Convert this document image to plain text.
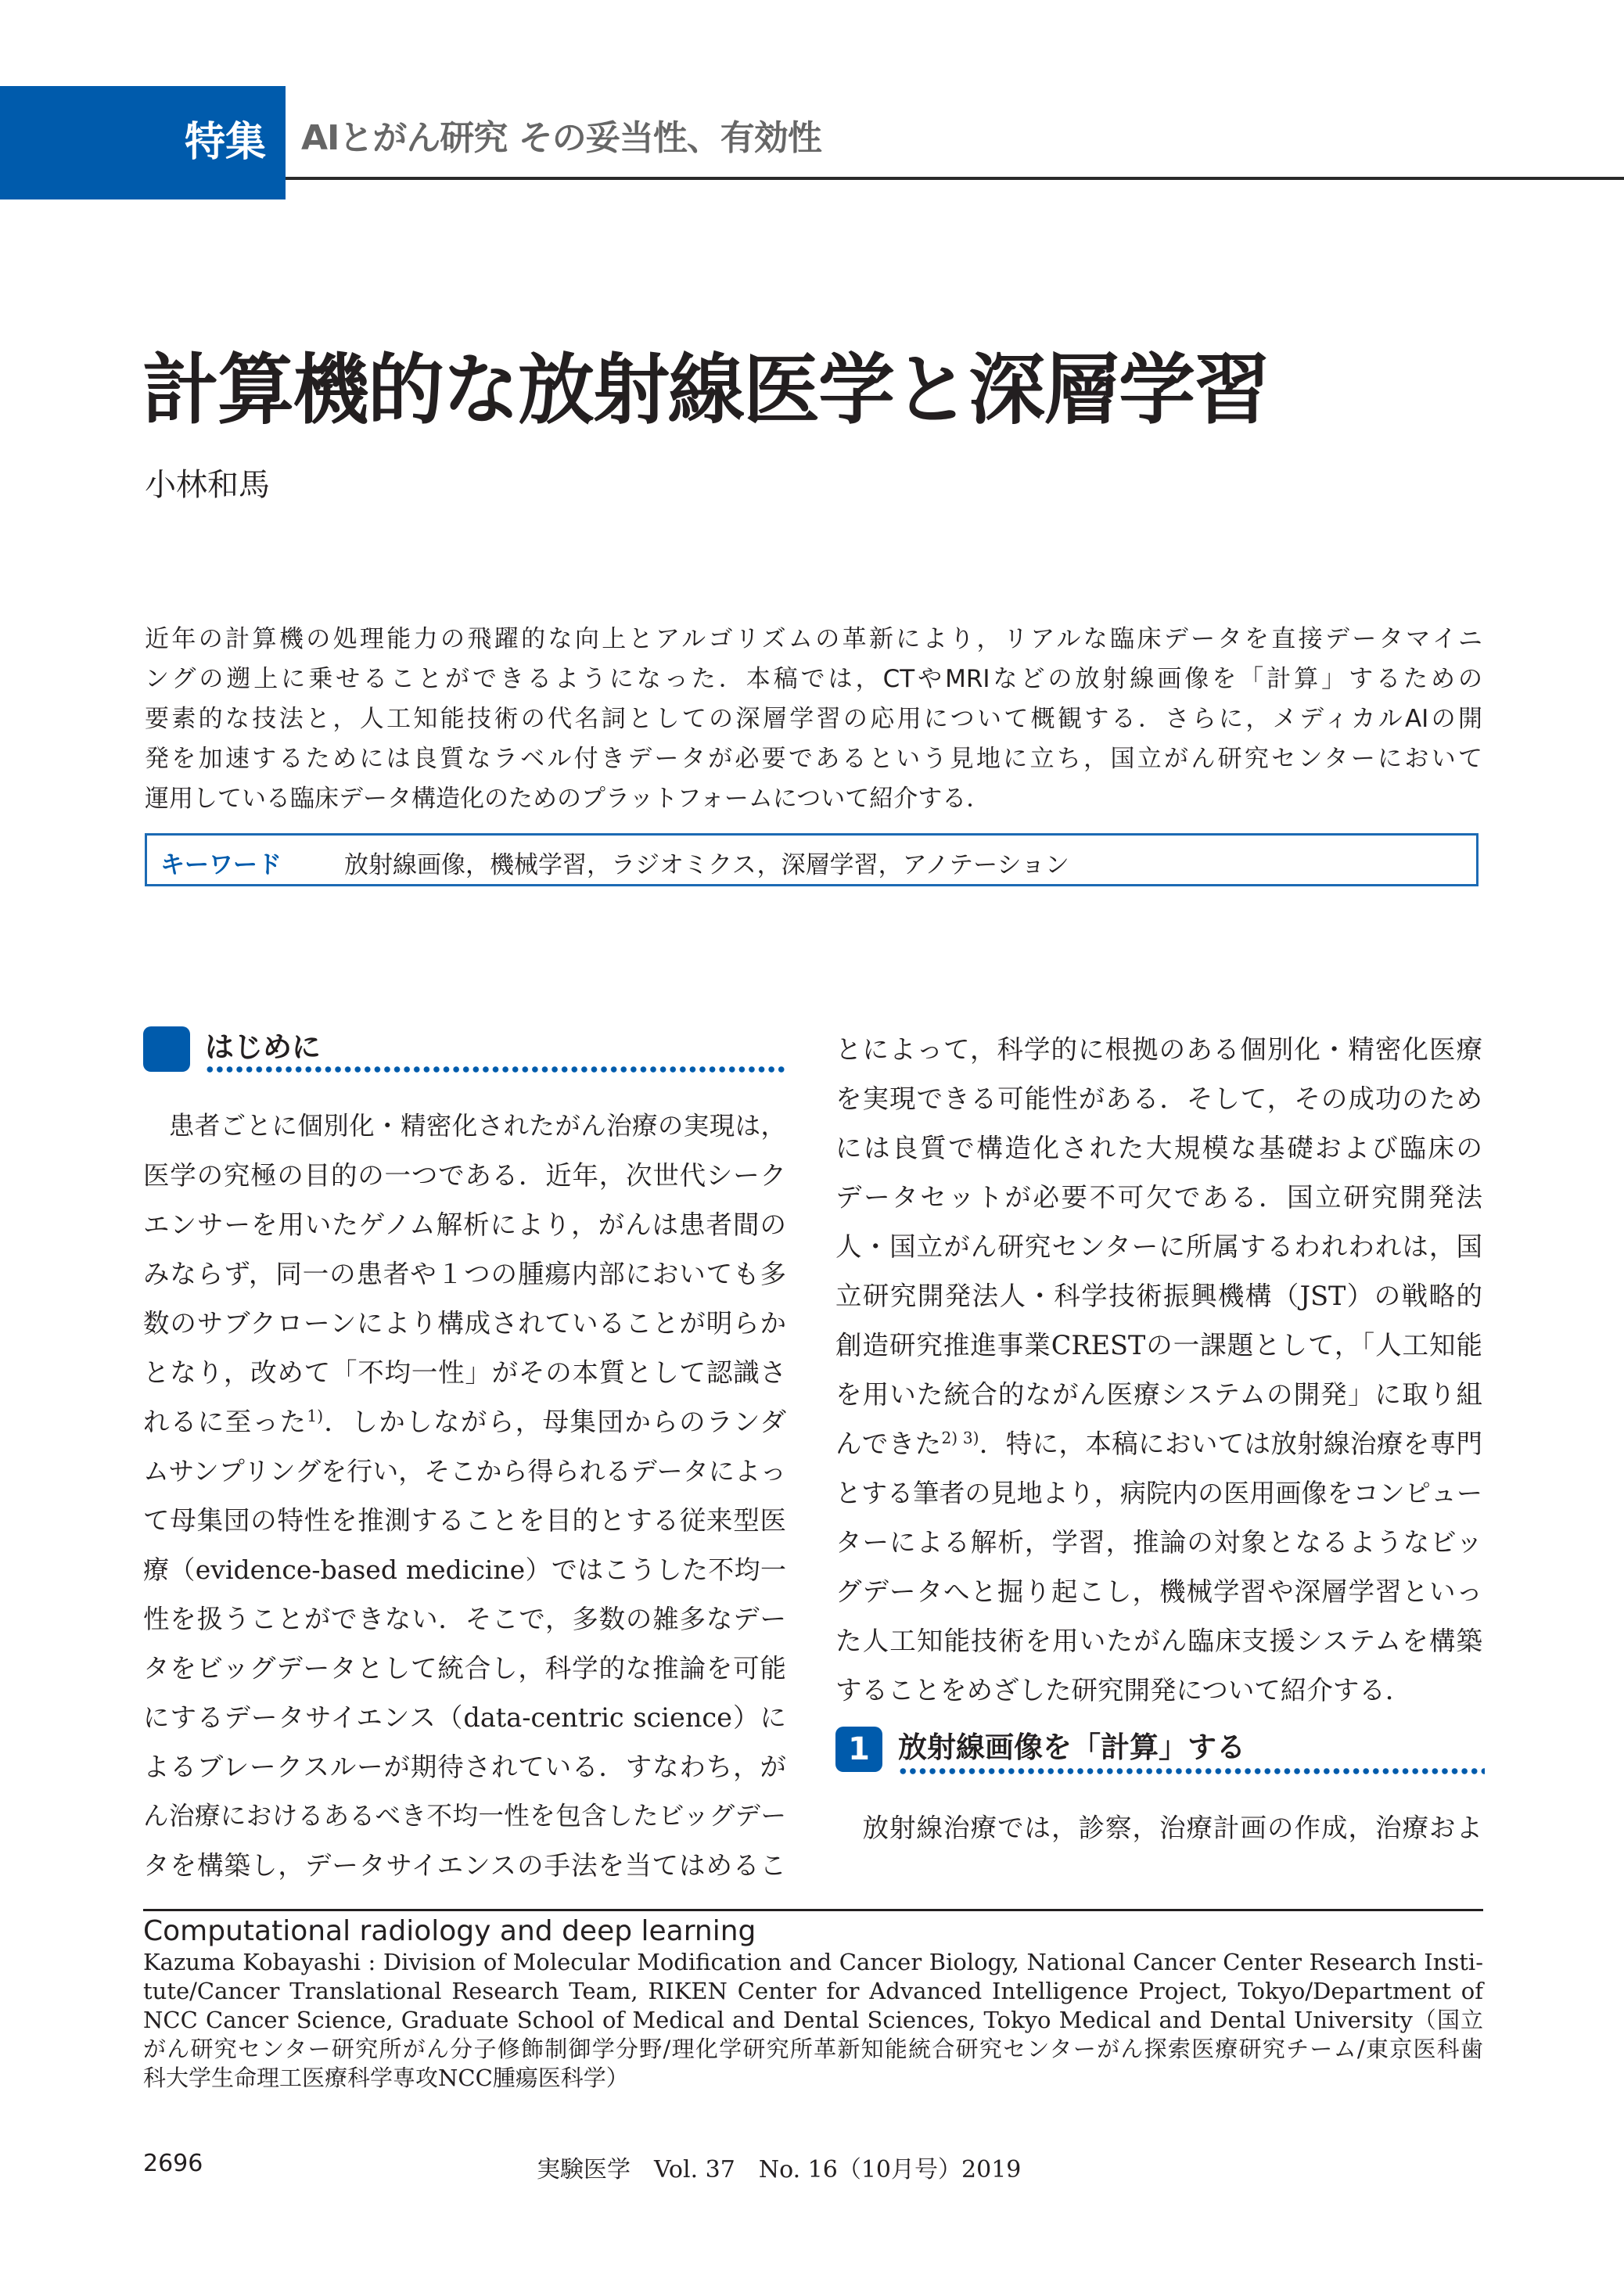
特集 AIとがん研究 その妥当性、有効性
計算機的な放射線医学と深層学習
小林和馬

近年の計算機の処理能力の飛躍的な向上とアルゴリズムの革新により，リアルな臨床データを直接データマイニ

ングの遡上に乗せることができるようになった．本稿では，CTやMRIなどの放射線画像を「計算」するための

要素的な技法と，人工知能技術の代名詞としての深層学習の応用について概観する．さらに，メディカルAIの開

発を加速するためには良質なラベル付きデータが必要であるという見地に立ち，国立がん研究センターにおいて

運用している臨床データ構造化のためのプラットフォームについて紹介する．

キーワード	放射線画像，機械学習，ラジオミクス，深層学習，アノテーション
はじめに
　患者ごとに個別化・精密化されたがん治療の実現は，
医学の究極の目的の一つである．近年，次世代シーク
エンサーを用いたゲノム解析により，がんは患者間の
みならず，同一の患者や１つの腫瘍内部においても多
数のサブクローンにより構成されていることが明らか
となり，改めて「不均一性」がその本質として認識さ
れるに至った$^{1)}$．しかしながら，母集団からのランダ
ムサンプリングを行い，そこから得られるデータによっ
て母集団の特性を推測することを目的とする従来型医
療（evidence-based medicine）ではこうした不均一
性を扱うことができない．そこで，多数の雑多なデー
タをビッグデータとして統合し，科学的な推論を可能
にするデータサイエンス（data-centric science）に
よるブレークスルーが期待されている．すなわち，が
ん治療におけるあるべき不均一性を包含したビッグデー
タを構築し，データサイエンスの手法を当てはめるこ
とによって，科学的に根拠のある個別化・精密化医療
を実現できる可能性がある．そして，その成功のため
には良質で構造化された大規模な基礎および臨床の
データセットが必要不可欠である．国立研究開発法
人・国立がん研究センターに所属するわれわれは，国
立研究開発法人・科学技術振興機構（JST）の戦略的
創造研究推進事業CRESTの一課題として，「人工知能
を用いた統合的ながん医療システムの開発」に取り組
んできた$^{2) 3)}$．特に，本稿においては放射線治療を専門
とする筆者の見地より，病院内の医用画像をコンピュー
ターによる解析，学習，推論の対象となるようなビッ
グデータへと掘り起こし，機械学習や深層学習といっ
た人工知能技術を用いたがん臨床支援システムを構築
することをめざした研究開発について紹介する．
1 放射線画像を「計算」する
　放射線治療では，診察，治療計画の作成，治療およ
Computational radiology and deep learning
Kazuma Kobayashi : Division of Molecular Modification and Cancer Biology, National Cancer Center Research Insti-
tute/Cancer Translational Research Team, RIKEN Center for Advanced Intelligence Project, Tokyo/Department of
NCC Cancer Science, Graduate School of Medical and Dental Sciences, Tokyo Medical and Dental University（国立
がん研究センター研究所がん分子修飾制御学分野/理化学研究所革新知能統合研究センターがん探索医療研究チーム/東京医科歯
科大学生命理工医療科学専攻NCC腫瘍医科学）
2696	実験医学　Vol. 37　No. 16（10月号）2019
